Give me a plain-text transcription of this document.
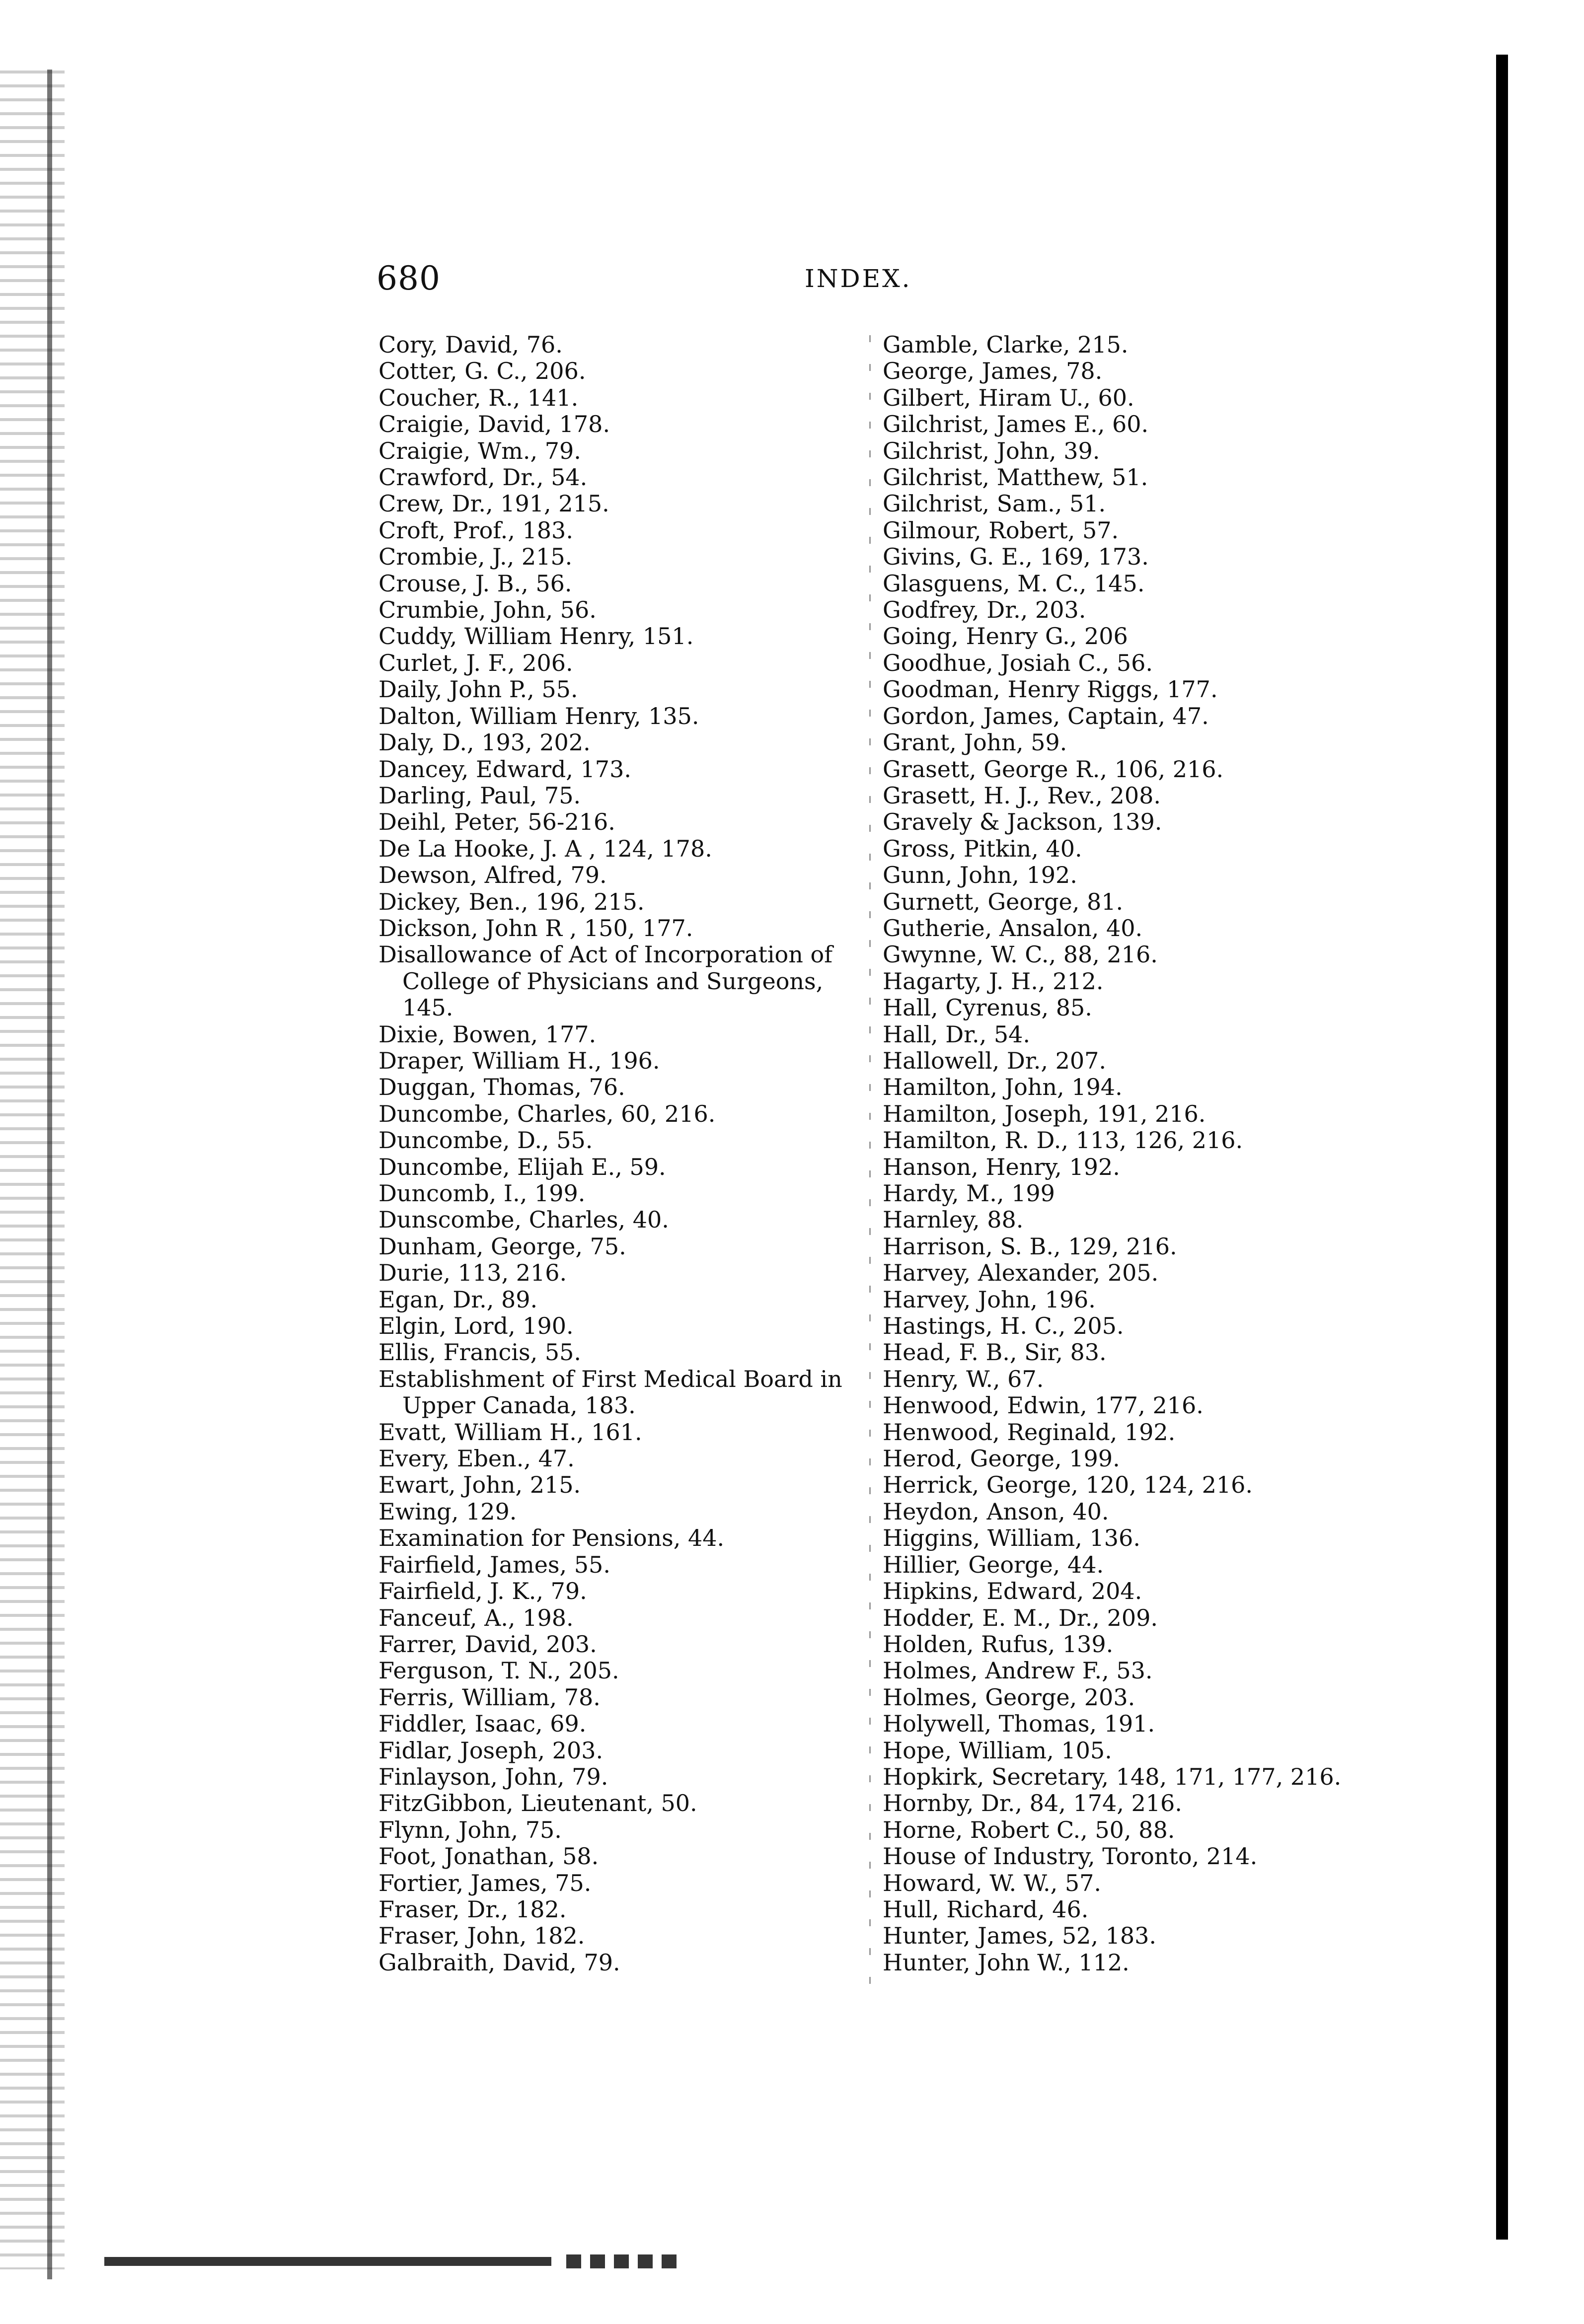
680	INDEX.
Cory, David, 76.
Cotter, G. C., 206.
Coucher, R., 141.
Craigie, David, 178.
Craigie, Wm., 79.
Crawford, Dr., 54.
Crew, Dr., 191, 215.
Croft, Prof., 183.
Crombie, J., 215.
Crouse, J. B., 56.
Crumbie, John, 56.
Cuddy, William Henry, 151.
Curlet, J. F., 206.
Daily, John P., 55.
Dalton, William Henry, 135.
Daly, D., 193, 202.
Dancey, Edward, 173.
Darling, Paul, 75.
Deihl, Peter, 56-216.
De La Hooke, J. A , 124, 178.
Dewson, Alfred, 79.
Dickey, Ben., 196, 215.
Dickson, John R , 150, 177.
Disallowance of Act of Incorporation of College of Physicians and Surgeons, 145.
Dixie, Bowen, 177.
Draper, William H., 196.
Duggan, Thomas, 76.
Duncombe, Charles, 60, 216.
Duncombe, D., 55.
Duncombe, Elijah E., 59.
Duncomb, I., 199.
Dunscombe, Charles, 40.
Dunham, George, 75.
Durie, 113, 216.
Egan, Dr., 89.
Elgin, Lord, 190.
Ellis, Francis, 55.
Establishment of First Medical Board in Upper Canada, 183.
Evatt, William H., 161.
Every, Eben., 47.
Ewart, John, 215.
Ewing, 129.
Examination for Pensions, 44.
Fairfield, James, 55.
Fairfield, J. K., 79.
Fanceuf, A., 198.
Farrer, David, 203.
Ferguson, T. N., 205.
Ferris, William, 78.
Fiddler, Isaac, 69.
Fidlar, Joseph, 203.
Finlayson, John, 79.
FitzGibbon, Lieutenant, 50.
Flynn, John, 75.
Foot, Jonathan, 58.
Fortier, James, 75.
Fraser, Dr., 182.
Fraser, John, 182.
Galbraith, David, 79.
Gamble, Clarke, 215.
George, James, 78.
Gilbert, Hiram U., 60.
Gilchrist, James E., 60.
Gilchrist, John, 39.
Gilchrist, Matthew, 51.
Gilchrist, Sam., 51.
Gilmour, Robert, 57.
Givins, G. E., 169, 173.
Glasguens, M. C., 145.
Godfrey, Dr., 203.
Going, Henry G., 206
Goodhue, Josiah C., 56.
Goodman, Henry Riggs, 177.
Gordon, James, Captain, 47.
Grant, John, 59.
Grasett, George R., 106, 216.
Grasett, H. J., Rev., 208.
Gravely & Jackson, 139.
Gross, Pitkin, 40.
Gunn, John, 192.
Gurnett, George, 81.
Gutherie, Ansalon, 40.
Gwynne, W. C., 88, 216.
Hagarty, J. H., 212.
Hall, Cyrenus, 85.
Hall, Dr., 54.
Hallowell, Dr., 207.
Hamilton, John, 194.
Hamilton, Joseph, 191, 216.
Hamilton, R. D., 113, 126, 216.
Hanson, Henry, 192.
Hardy, M., 199
Harnley, 88.
Harrison, S. B., 129, 216.
Harvey, Alexander, 205.
Harvey, John, 196.
Hastings, H. C., 205.
Head, F. B., Sir, 83.
Henry, W., 67.
Henwood, Edwin, 177, 216.
Henwood, Reginald, 192.
Herod, George, 199.
Herrick, George, 120, 124, 216.
Heydon, Anson, 40.
Higgins, William, 136.
Hillier, George, 44.
Hipkins, Edward, 204.
Hodder, E. M., Dr., 209.
Holden, Rufus, 139.
Holmes, Andrew F., 53.
Holmes, George, 203.
Holywell, Thomas, 191.
Hope, William, 105.
Hopkirk, Secretary, 148, 171, 177, 216.
Hornby, Dr., 84, 174, 216.
Horne, Robert C., 50, 88.
House of Industry, Toronto, 214.
Howard, W. W., 57.
Hull, Richard, 46.
Hunter, James, 52, 183.
Hunter, John W., 112.
